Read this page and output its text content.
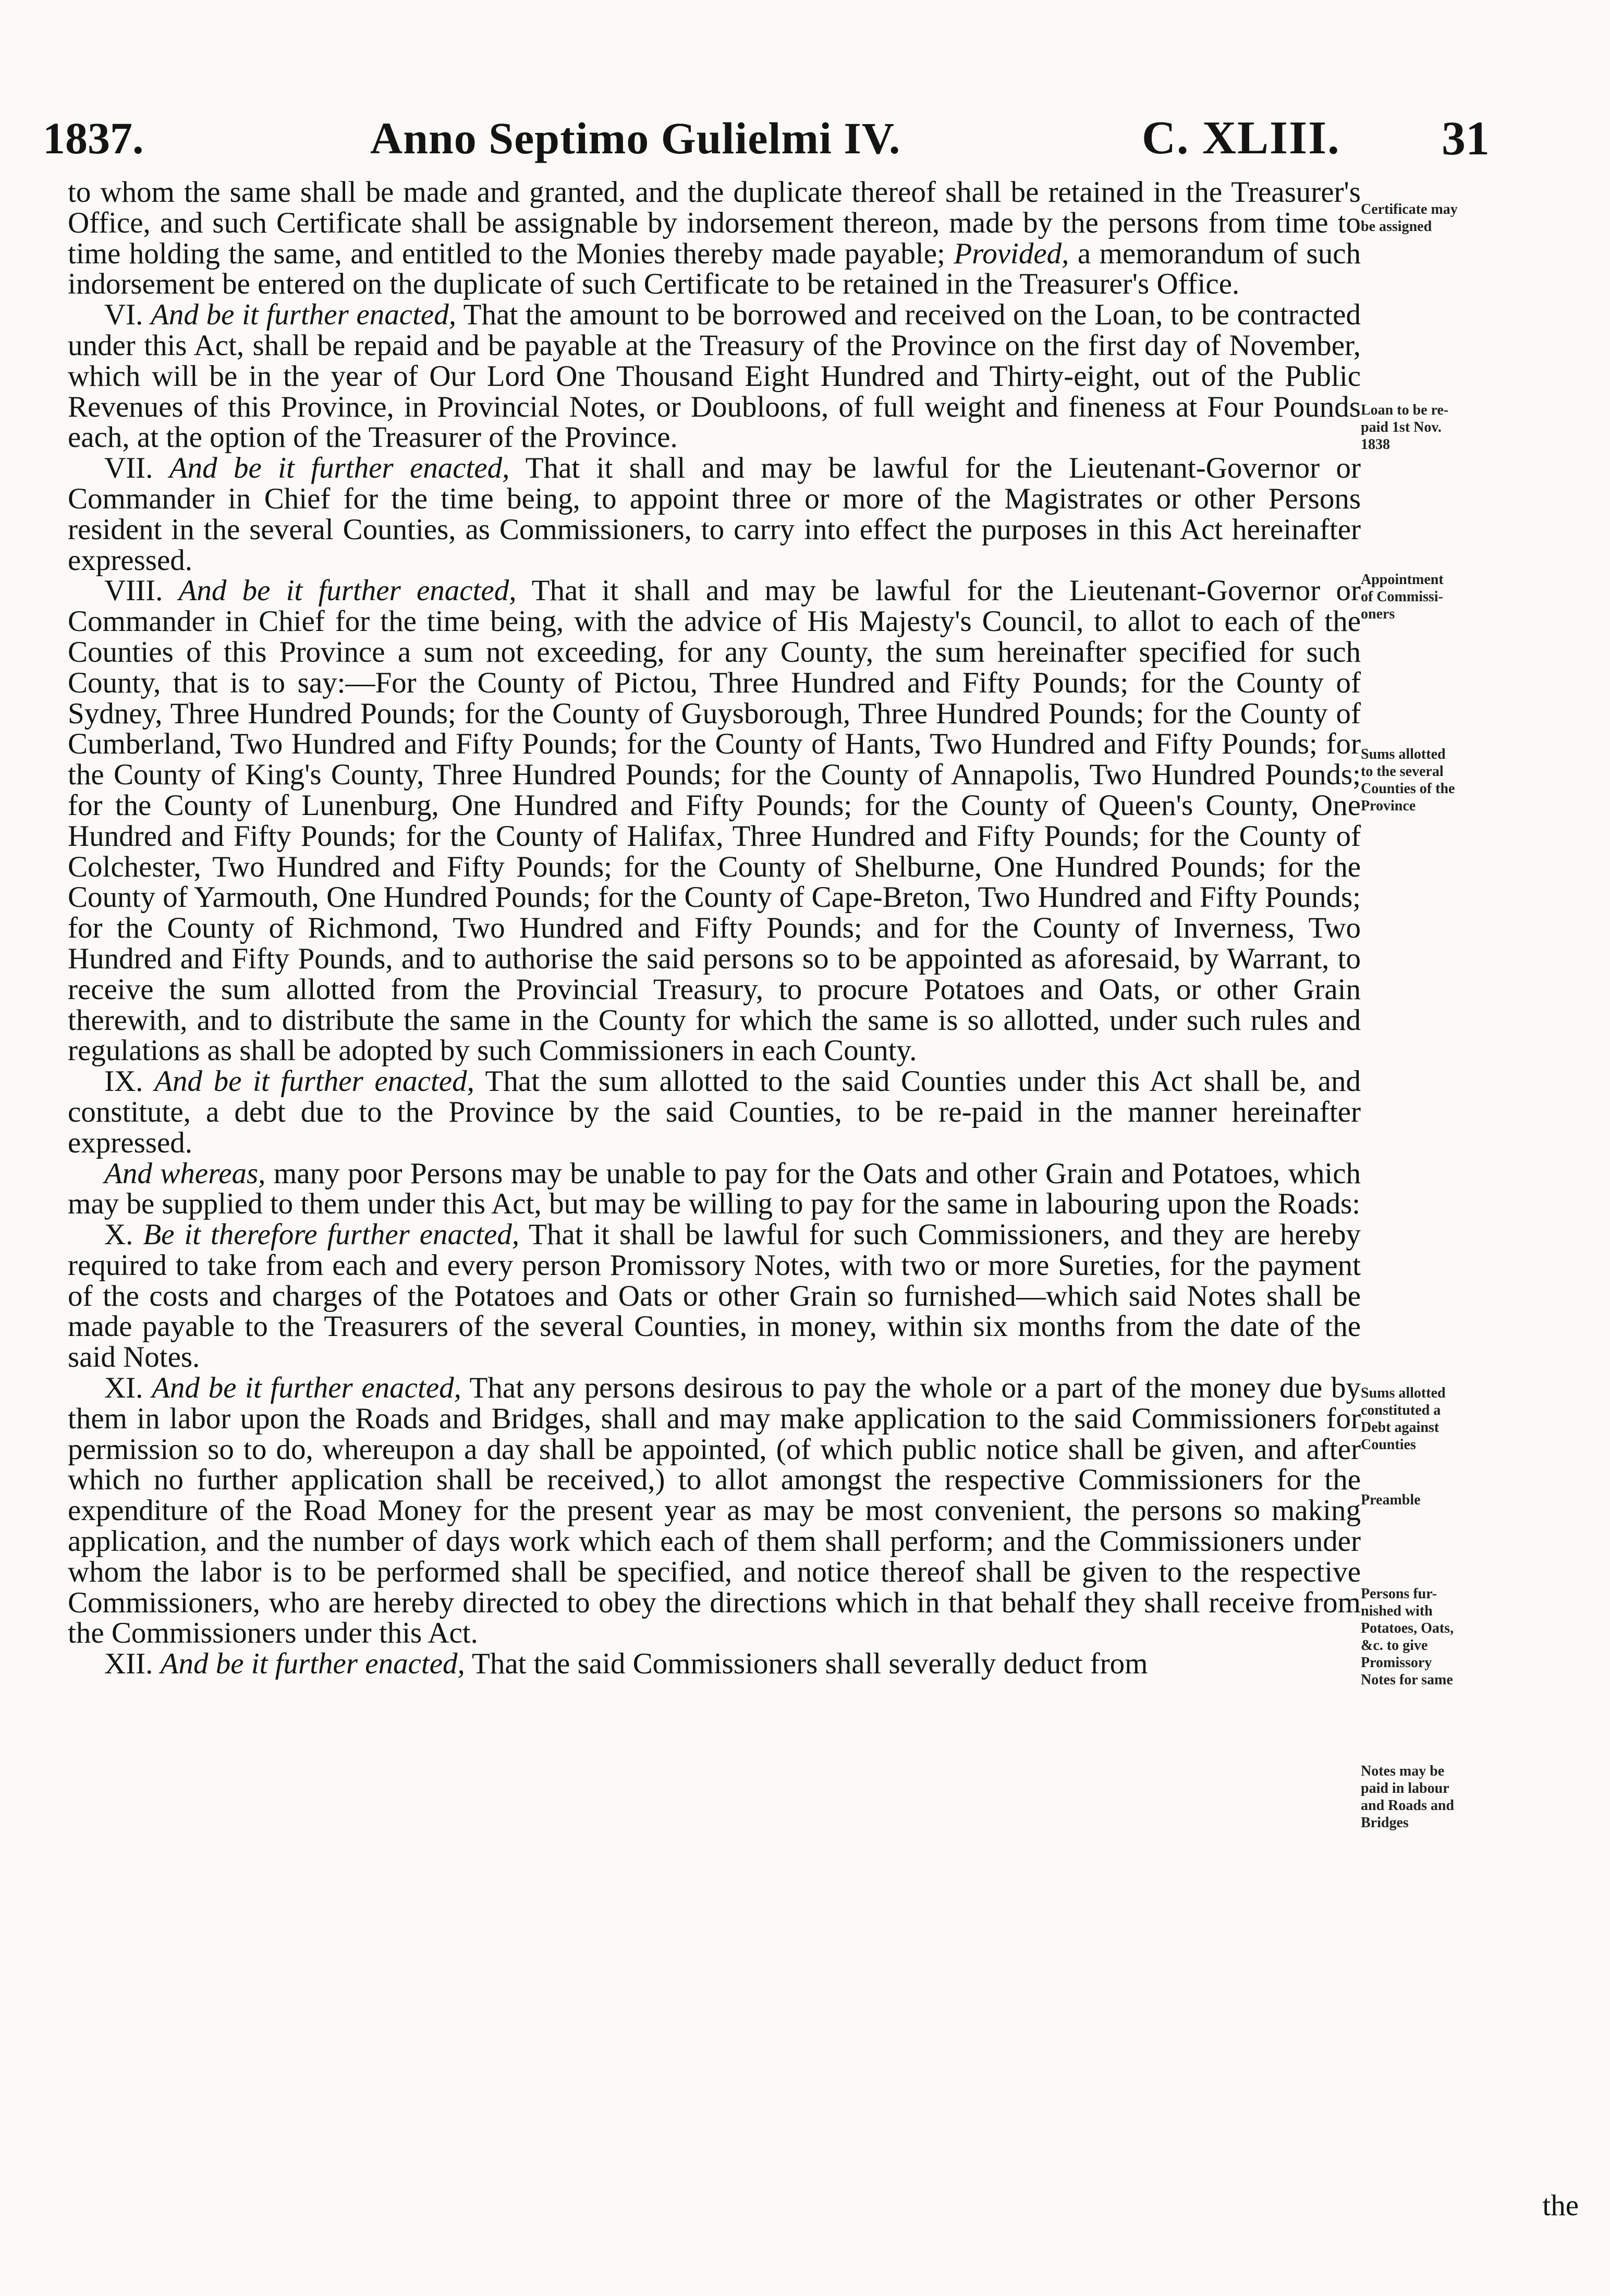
1837.	Anno Septimo Gulielmi IV.	C. XLIII. 31

to whom the same shall be made and granted, and the duplicate thereof shall be retained in the Treasurer's Office, and such Certificate shall be assignable by indorsement thereon, made by the persons from time to time holding the same, and entitled to the Monies thereby made payable; Provided, a memorandum of such indorsement be entered on the duplicate of such Certificate to be retained in the Treasurer's Office.

VI. And be it further enacted, That the amount to be borrowed and received on the Loan, to be contracted under this Act, shall be repaid and be payable at the Treasury of the Province on the first day of November, which will be in the year of Our Lord One Thousand Eight Hundred and Thirty-eight, out of the Public Revenues of this Province, in Provincial Notes, or Doubloons, of full weight and fineness at Four Pounds each, at the option of the Treasurer of the Province.

VII. And be it further enacted, That it shall and may be lawful for the Lieutenant-Governor or Commander in Chief for the time being, to appoint three or more of the Magistrates or other Persons resident in the several Counties, as Commissioners, to carry into effect the purposes in this Act hereinafter expressed.

VIII. And be it further enacted, That it shall and may be lawful for the Lieutenant-Governor or Commander in Chief for the time being, with the advice of His Majesty's Council, to allot to each of the Counties of this Province a sum not exceeding, for any County, the sum hereinafter specified for such County, that is to say:—For the County of Pictou, Three Hundred and Fifty Pounds; for the County of Sydney, Three Hundred Pounds; for the County of Guysborough, Three Hundred Pounds; for the County of Cumberland, Two Hundred and Fifty Pounds; for the County of Hants, Two Hundred and Fifty Pounds; for the County of King's County, Three Hundred Pounds; for the County of Annapolis, Two Hundred Pounds; for the County of Lunenburg, One Hundred and Fifty Pounds; for the County of Queen's County, One Hundred and Fifty Pounds; for the County of Halifax, Three Hundred and Fifty Pounds; for the County of Colchester, Two Hundred and Fifty Pounds; for the County of Shelburne, One Hundred Pounds; for the County of Yarmouth, One Hundred Pounds; for the County of Cape-Breton, Two Hundred and Fifty Pounds; for the County of Richmond, Two Hundred and Fifty Pounds; and for the County of Inverness, Two Hundred and Fifty Pounds, and to authorise the said persons so to be appointed as aforesaid, by Warrant, to receive the sum allotted from the Provincial Treasury, to procure Potatoes and Oats, or other Grain therewith, and to distribute the same in the County for which the same is so allotted, under such rules and regulations as shall be adopted by such Commissioners in each County.

IX. And be it further enacted, That the sum allotted to the said Counties under this Act shall be, and constitute, a debt due to the Province by the said Counties, to be re-paid in the manner hereinafter expressed.

And whereas, many poor Persons may be unable to pay for the Oats and other Grain and Potatoes, which may be supplied to them under this Act, but may be willing to pay for the same in labouring upon the Roads:

X. Be it therefore further enacted, That it shall be lawful for such Commissioners, and they are hereby required to take from each and every person Promissory Notes, with two or more Sureties, for the payment of the costs and charges of the Potatoes and Oats or other Grain so furnished—which said Notes shall be made payable to the Treasurers of the several Counties, in money, within six months from the date of the said Notes.

XI. And be it further enacted, That any persons desirous to pay the whole or a part of the money due by them in labor upon the Roads and Bridges, shall and may make application to the said Commissioners for permission so to do, whereupon a day shall be appointed, (of which public notice shall be given, and after which no further application shall be received,) to allot amongst the respective Commissioners for the expenditure of the Road Money for the present year as may be most convenient, the persons so making application, and the number of days work which each of them shall perform; and the Commissioners under whom the labor is to be performed shall be specified, and notice thereof shall be given to the respective Commissioners, who are hereby directed to obey the directions which in that behalf they shall receive from the Commissioners under this Act.

XII. And be it further enacted, That the said Commissioners shall severally deduct from

the
Certificate may
be assigned
Loan to be re-
paid 1st Nov.
1838
Appointment
of Commissi-
oners
Sums allotted
to the several
Counties of the
Province
Sums allotted
constituted a
Debt against
Counties
Preamble
Persons fur-
nished with
Potatoes, Oats,
&c. to give
Promissory
Notes for same
Notes may be
paid in labour
and Roads and
Bridges
